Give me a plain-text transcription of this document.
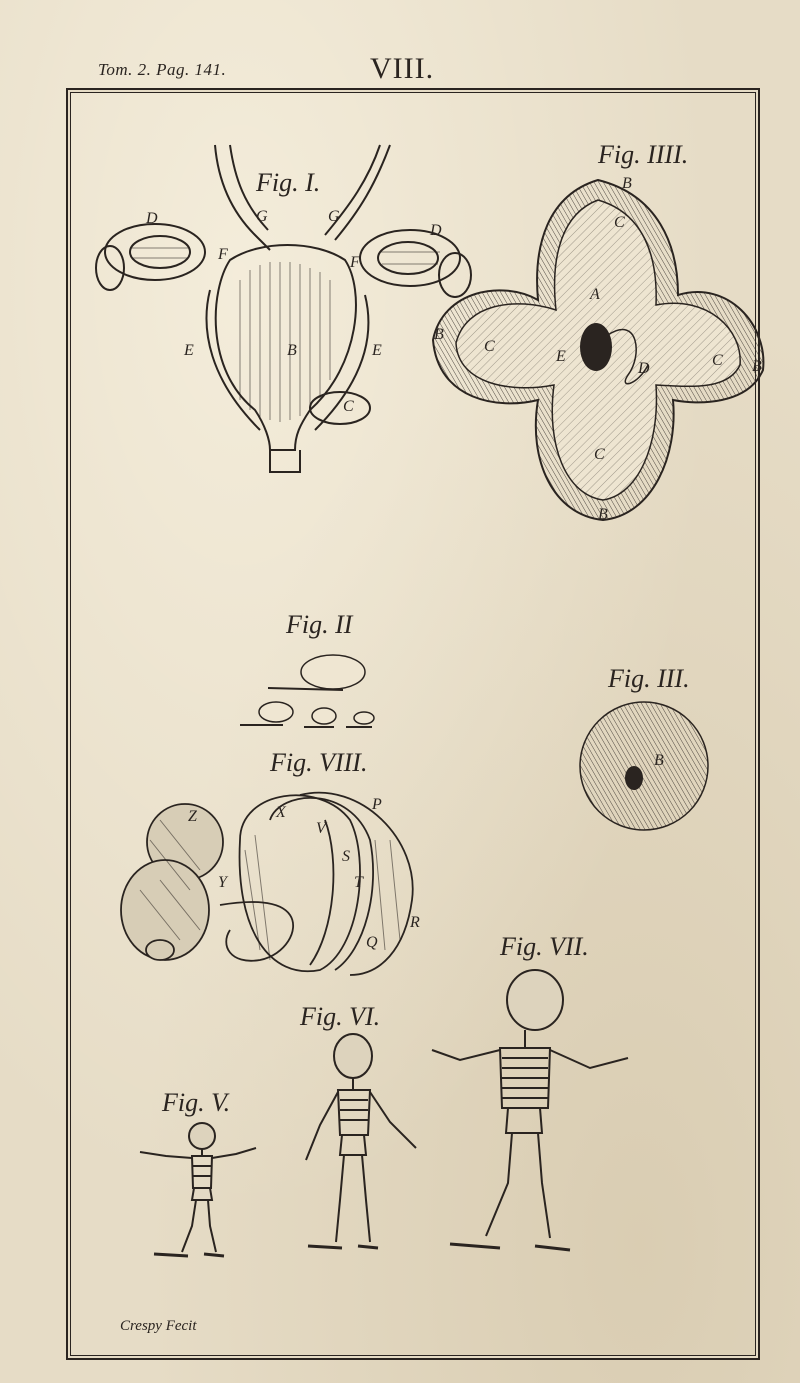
Tom. 2. Pag. 141.	VIII.
Fig. I.
D	G	G
D
F	F
E	B	E
C
Fig. IIII.
B
C
A
C
E
D	C
B
B
C
B
Fig. II
Fig. III.
B
Fig. VIII.
Z	X
V
P
S
T
Y
R
Q	Fig. VII.
Fig. VI.
Fig. V.
Crespy Fecit
